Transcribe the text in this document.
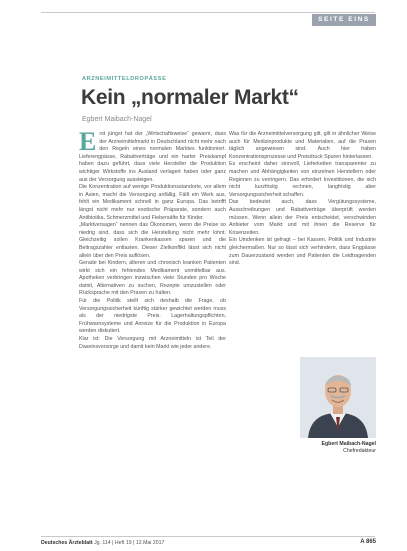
SEITE EINS
ARZNEIMITTELDROPÄSSE
Kein „normaler Markt“
Egbert Maibach-Nagel
E rst jüngst hat der „Wirtschaftsweise“ gewarnt, dass der Arzneimittelmarkt in Deutschland nicht mehr nach den Regeln eines normalen Marktes funktioniert. Lieferengpässe, Rabattverträge und ein harter Preiskampf haben dazu geführt, dass viele Hersteller die Produktion wichtiger Wirkstoffe ins Ausland verlagert haben oder ganz aus der Versorgung aussteigen.

Die Konzentration auf wenige Produktionsstandorte, vor allem in Asien, macht die Versorgung anfällig. Fällt ein Werk aus, fehlt ein Medikament schnell in ganz Europa. Das betrifft längst nicht mehr nur exotische Präparate, sondern auch Antibiotika, Schmerzmittel und Fiebersäfte für Kinder.

„Marktversagen“ nennen das Ökonomen, wenn die Preise so niedrig sind, dass sich die Herstellung nicht mehr lohnt. Gleichzeitig sollen Krankenkassen sparen und die Beitragszahler entlasten. Dieser Zielkonflikt lässt sich nicht allein über den Preis auflösen.

Gerade bei Kindern, älteren und chronisch kranken Patienten wirkt sich ein fehlendes Medikament unmittelbar aus. Apotheken verbringen inzwischen viele Stunden pro Woche damit, Alternativen zu suchen, Rezepte umzustellen oder Rücksprache mit den Praxen zu halten.

Für die Politik stellt sich deshalb die Frage, ob Versorgungssicherheit künftig stärker gewichtet werden muss als der niedrigste Preis. Lagerhaltungspflichten, Frühwarnsysteme und Anreize für die Produktion in Europa werden diskutiert.

Klar ist: Die Versorgung mit Arzneimitteln ist Teil der Daseinsvorsorge und damit kein Markt wie jeder andere.

Was für die Arzneimittelversorgung gilt, gilt in ähnlicher Weise auch für Medizinprodukte und Materialien, auf die Praxen täglich angewiesen sind. Auch hier haben Konzentrationsprozesse und Preisdruck Spuren hinterlassen.

Es erscheint daher sinnvoll, Lieferketten transparenter zu machen und Abhängigkeiten von einzelnen Herstellern oder Regionen zu verringern. Das erfordert Investitionen, die sich nicht kurzfristig rechnen, langfristig aber Versorgungssicherheit schaffen.

Das bedeutet auch, dass Vergütungssysteme, Ausschreibungen und Rabattverträge überprüft werden müssen. Wenn allein der Preis entscheidet, verschwinden Anbieter vom Markt und mit ihnen die Reserve für Krisenzeiten.

Ein Umdenken ist gefragt – bei Kassen, Politik und Industrie gleichermaßen. Nur so lässt sich verhindern, dass Engpässe zum Dauerzustand werden und Patienten die Leidtragenden sind.

Egbert Maibach-Nagel
Chefredakteur
Deutsches Ärzteblatt Jg. 114 | Heft 19 | 12.Mai 2017	A 865
